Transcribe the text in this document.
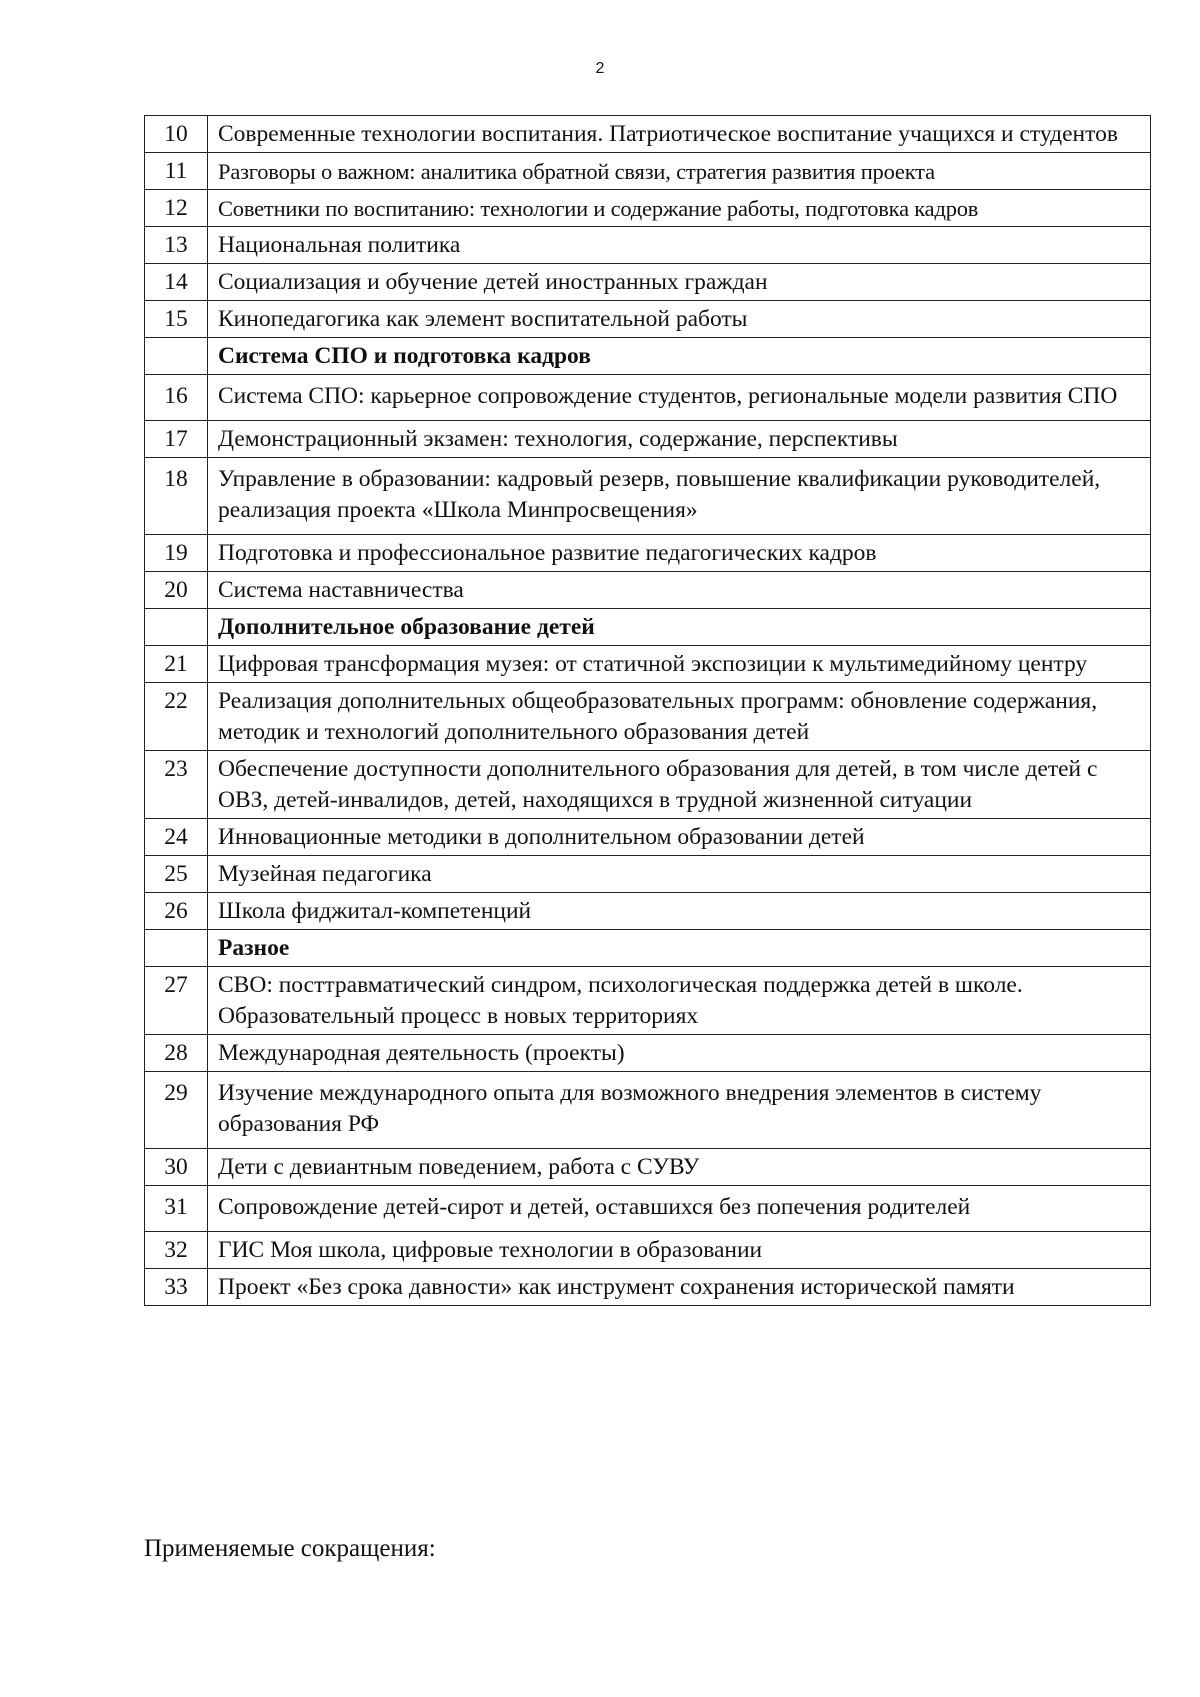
2
10	Современные технологии воспитания. Патриотическое воспитание учащихся и студентов
11	Разговоры о важном: аналитика обратной связи, стратегия развития проекта
12	Советники по воспитанию: технологии и содержание работы, подготовка кадров
13	Национальная политика
14	Социализация и обучение детей иностранных граждан
15	Кинопедагогика как элемент воспитательной работы
	Система СПО и подготовка кадров
16	Система СПО: карьерное сопровождение студентов, региональные модели развития СПО
17	Демонстрационный экзамен: технология, содержание, перспективы
18	Управление в образовании: кадровый резерв, повышение квалификации руководителей, реализация проекта «Школа Минпросвещения»
19	Подготовка и профессиональное развитие педагогических кадров
20	Система наставничества
	Дополнительное образование детей
21	Цифровая трансформация музея: от статичной экспозиции к мультимедийному центру
22	Реализация дополнительных общеобразовательных программ: обновление содержания, методик и технологий дополнительного образования детей
23	Обеспечение доступности дополнительного образования для детей, в том числе детей с ОВЗ, детей-инвалидов, детей, находящихся в трудной жизненной ситуации
24	Инновационные методики в дополнительном образовании детей
25	Музейная педагогика
26	Школа фиджитал-компетенций
	Разное
27	СВО: посттравматический синдром, психологическая поддержка детей в школе. Образовательный процесс в новых территориях
28	Международная деятельность (проекты)
29	Изучение международного опыта для возможного внедрения элементов в систему образования РФ
30	Дети с девиантным поведением, работа с СУВУ
31	Сопровождение детей-сирот и детей, оставшихся без попечения родителей
32	ГИС Моя школа, цифровые технологии в образовании
33	Проект «Без срока давности» как инструмент сохранения исторической памяти
Применяемые сокращения:
